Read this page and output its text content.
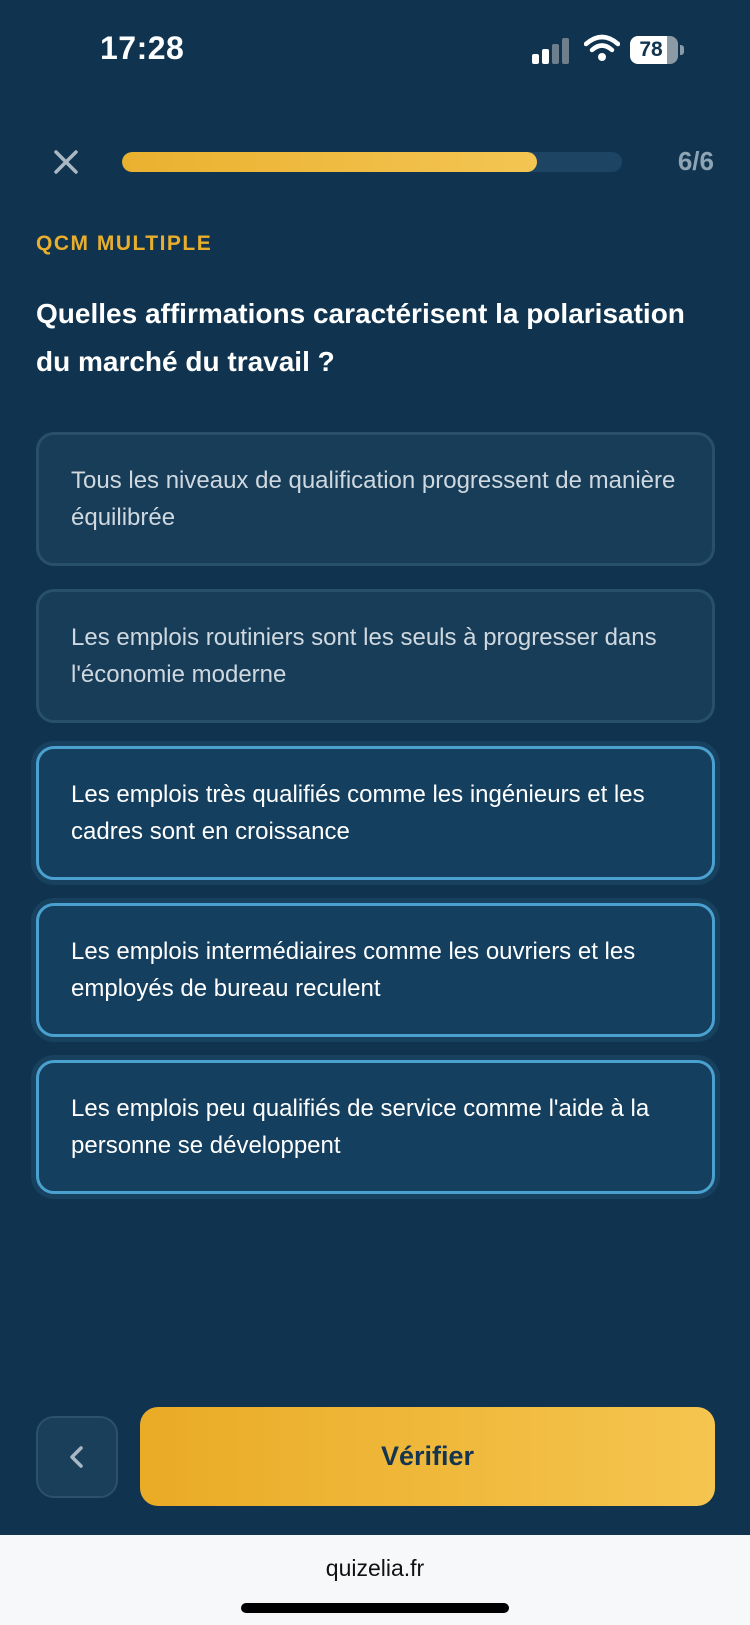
17:28	78
6/6
QCM MULTIPLE
Quelles affirmations caractérisent la polarisation du marché du travail ?
Tous les niveaux de qualification progressent de manière équilibrée
Les emplois routiniers sont les seuls à progresser dans l'économie moderne
Les emplois très qualifiés comme les ingénieurs et les cadres sont en croissance
Les emplois intermédiaires comme les ouvriers et les employés de bureau reculent
Les emplois peu qualifiés de service comme l'aide à la personne se développent
Vérifier
quizelia.fr
